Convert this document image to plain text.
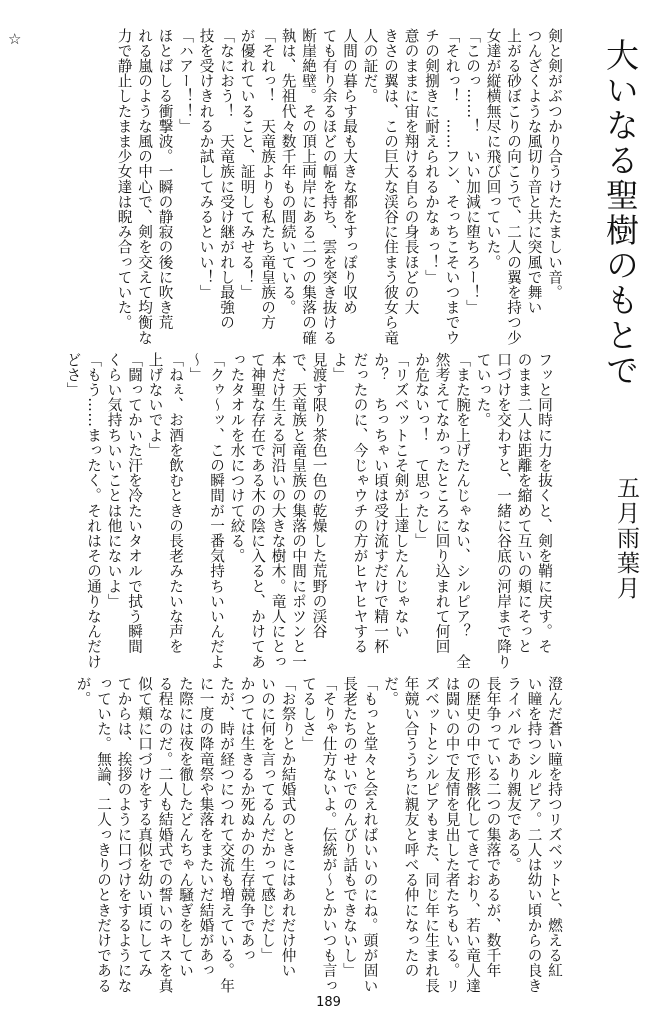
大いなる聖樹のもとで
五月雨葉月
☆	剣と剣がぶつかり合うけたたましい音。

つんざくような風切り音と共に突風で舞い

上がる砂ぼこりの向こうで、二人の翼を持つ少

女達が縦横無尽に飛び回っていた。

「このっ……！　いい加減に堕ちろー！」

「それっ！　……フン、そっちこそいつまでウ

チの剣捌きに耐えられるかなぁっ！」

意のままに宙を翔ける自らの身長ほどの大

きさの翼は、この巨大な渓谷に住まう彼女ら竜

人の証だ。

人間の暮らす最も大きな都をすっぽり収め

ても有り余るほどの幅を持ち、雲を突き抜ける

断崖絶壁。その頂上両岸にある二つの集落の確

執は、先祖代々数千年もの間続いている。

「それっ！　天竜族よりも私たち竜皇族の方

が優れていること、証明してみせる！」

「なにおう！　天竜族に受け継がれし最強の

技を受けきれるか試してみるといい！」

「ハアー！！」

ほとばしる衝撃波。一瞬の静寂の後に吹き荒

れる嵐のような風の中心で、剣を交えて均衡な

力で静止したまま少女達は睨み合っていた。

フッと同時に力を抜くと、剣を鞘に戻す。そ

のまま二人は距離を縮めて互いの頬にそっと

口づけを交わすと、一緒に谷底の河岸まで降り

ていった。

「また腕を上げたんじゃない、シルピア？　全

然考えてなかったところに回り込まれて何回

か危ないっ！　て思ったし」

「リズベットこそ剣が上達したんじゃない

か？　ちっちゃい頃は受け流すだけで精一杯

だったのに、今じゃウチの方がヒヤヒヤする

よ」

見渡す限り茶色一色の乾燥した荒野の渓谷

で、天竜族と竜皇族の集落の中間にポツンと一

本だけ生える河沿いの大きな樹木。竜人にとっ

て神聖な存在である木の陰に入ると、かけてあ

ったタオルを水につけて絞る。

「クゥ～ッ、この瞬間が一番気持ちいいんだよ

～」

「ねぇ、お酒を飲むときの長老みたいな声を

上げないでよ」

「闘ってかいた汗を冷たいタオルで拭う瞬間

くらい気持ちいいことは他にないよ」

「もう……まったく。それはその通りなんだけ

どさ」

澄んだ蒼い瞳を持つリズベットと、燃える紅

い瞳を持つシルピア。二人は幼い頃からの良き

ライバルであり親友である。

長年争っている二つの集落であるが、数千年

の歴史の中で形骸化してきており、若い竜人達

は闘いの中で友情を見出した者たちもいる。リ

ズベットとシルピアもまた、同じ年に生まれ長

年競い合ううちに親友と呼べる仲になったの

だ。

「もっと堂々と会えればいいのにね。頭が固い

長老たちのせいでのんびり話もできないし」

「そりゃ仕方ないよ。伝統が～とかいつも言っ

てるしさ」

「お祭りとか結婚式のときにはあれだけ仲い

いのに何を言ってるんだかって感じだし」

かつては生きるか死ぬかの生存競争であっ

たが、時が経つにつれて交流も増えている。年

に一度の降竜祭や集落をまたいだ結婚があっ

た際には夜を徹したどんちゃん騒ぎをしてい

る程なのだ。二人も結婚式での誓いのキスを真

似て頬に口づけをする真似を幼い頃にしてみ

てからは、挨拶のように口づけをするようにな

っていた。無論、二人っきりのときだけである

が。

189
